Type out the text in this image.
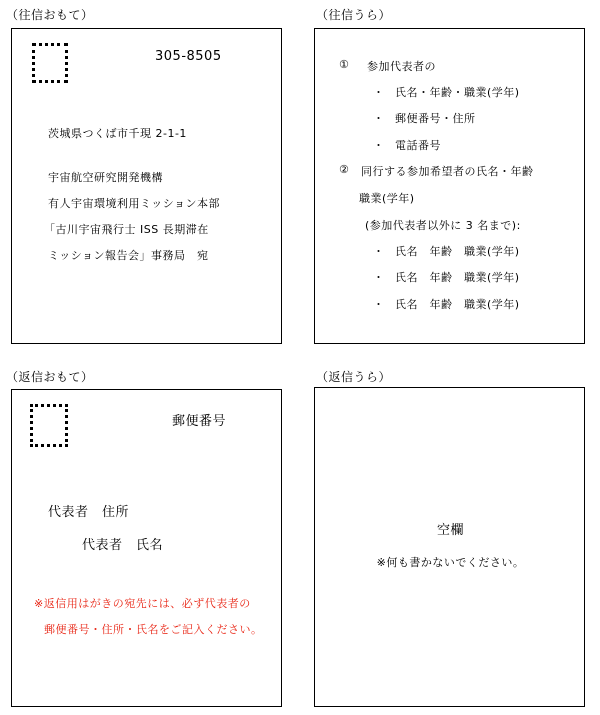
（往信おもて）
305-8505
茨城県つくば市千現 2-1-1
宇宙航空研究開発機構
有人宇宙環境利用ミッション本部
「古川宇宙飛行士 ISS 長期滞在
ミッション報告会」事務局　宛
（往信うら）
① 参加代表者の
・ 氏名・年齢・職業(学年)
・ 郵便番号・住所
・ 電話番号
② 同行する参加希望者の氏名・年齢
職業(学年)
(参加代表者以外に 3 名まで):
・ 氏名　年齢　職業(学年)
・ 氏名　年齢　職業(学年)
・ 氏名　年齢　職業(学年)
（返信おもて）
郵便番号
代表者　住所
代表者　氏名
※返信用はがきの宛先には、必ず代表者の
郵便番号・住所・氏名をご記入ください。
（返信うら）
空欄
※何も書かないでください。
